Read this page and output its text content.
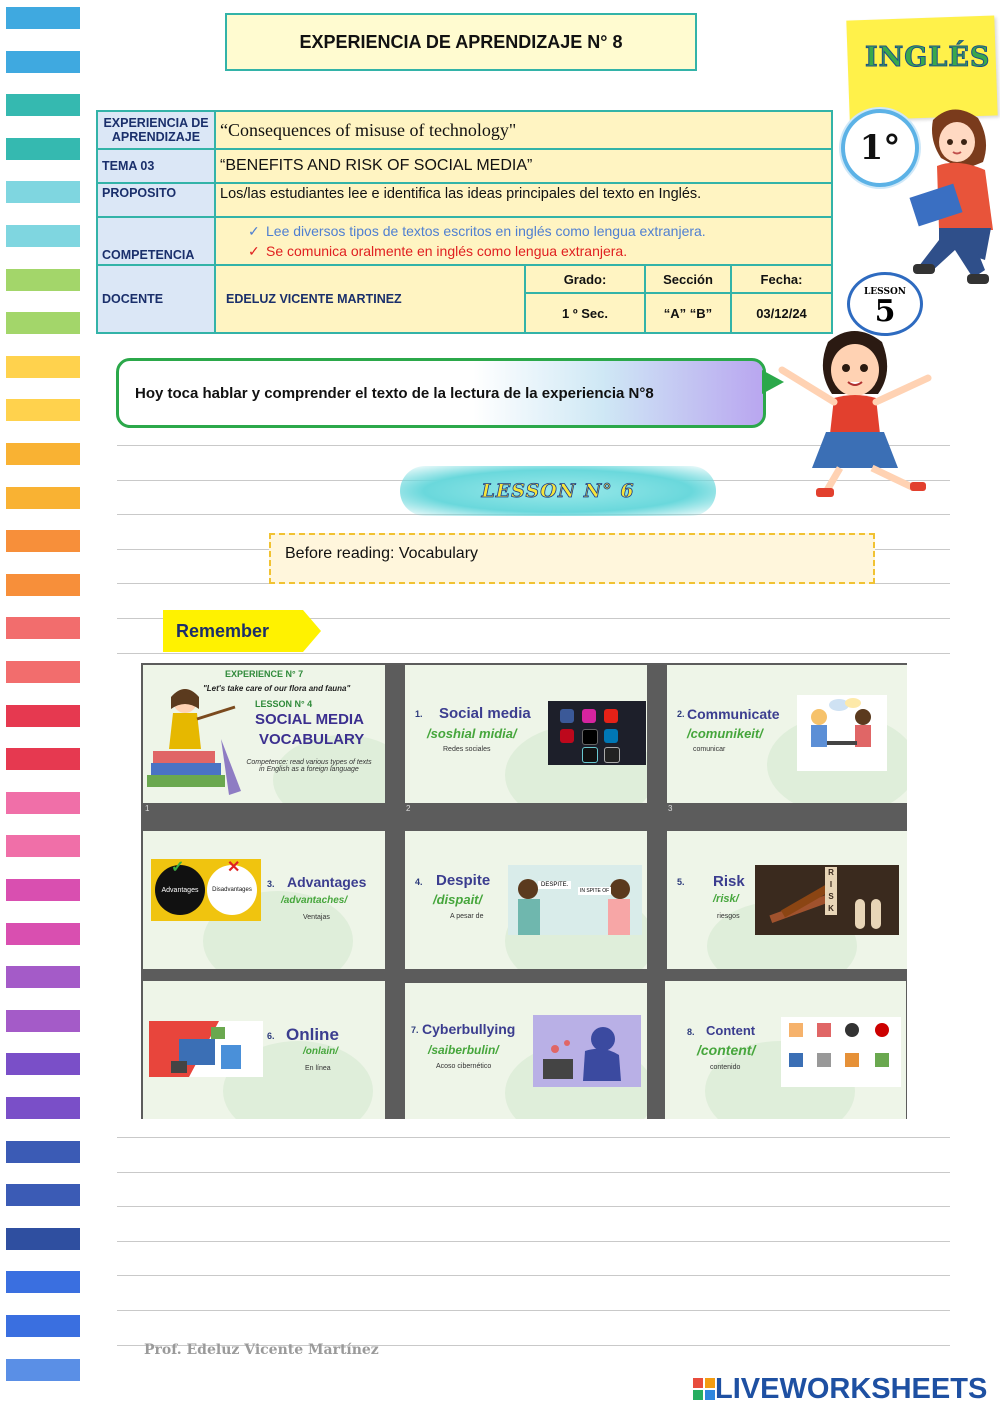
EXPERIENCIA DE APRENDIZAJE N° 8
INGLÉS
1°
LESSON
5
EXPERIENCIA DE APRENDIZAJE	“Consequences of misuse of technology"			
TEMA 03	“BENEFITS AND RISK OF SOCIAL MEDIA”			
PROPOSITO	Los/las estudiantes lee e identifica las ideas principales del texto en Inglés.			
COMPETENCIA	✓ Lee diversos tipos de textos escritos en inglés como lengua extranjera.
✓ Se comunica oralmente en inglés como lengua extranjera.			

DOCENTE	EDELUZ VICENTE MARTINEZ	Grado:	Sección	Fecha:
		1 º Sec.	“A” “B”	03/12/24
Hoy toca hablar y comprender el texto de la lectura de la experiencia N°8
LESSON N° 6
Before reading: Vocabulary
Remember
EXPERIENCE N° 7
"Let's take care of our flora and fauna"
LESSON N° 4
SOCIAL MEDIA
VOCABULARY
Competence: read various types of texts in English as a foreign language
1. Social media
/soshial midia/
Redes sociales
2. Communicate
/comunikeit/
comunicar
Advantages	Disadvantages
✓	✕
3. Advantages
/advantaches/
Ventajas
4. Despite
/dispait/
A pesar de
DESPITE.
IN SPITE OF
5. Risk
/risk/
riesgos
R
I
S
K
6. Online
/onlain/
En línea
7. Cyberbullying
/saiberbulin/
Acoso cibernético
8. Content
/content/
contenido
1	2	3
Prof. Edeluz Vicente Martínez
LIVEWORKSHEETS
